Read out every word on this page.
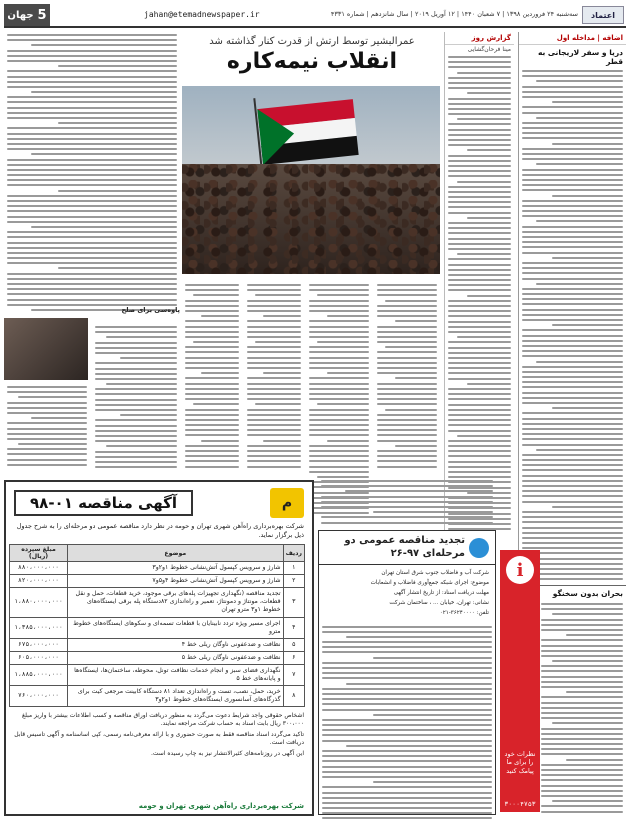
5
جهان	jahan@etemadnewspaper.ir	سه‌شنبه ۲۴ فروردین ۱۳۹۸ | ۷ شعبان ۱۴۴۰ | ۱۲ آوریل ۲۰۱۹ | سال شانزدهم | شماره ۴۳۳۱	اعتماد
اضافه | مداخله اول
دریا و سفر لاریجانی به قطر
بحران بدون سخنگو
گزارش روز
مینا فرحان‌گشایی
عمرالبشیر توسط ارتش از قدرت کنار گذاشته شد
انقلاب نیمه‌کاره
پاوه‌سی برای صلح
م
آگهی مناقصه ۰۱-۹۸
شرکت بهره‌برداری راه‌آهن شهری تهران و حومه در نظر دارد مناقصه عمومی دو مرحله‌ای را به شرح جدول ذیل برگزار نماید.
ردیف	موضوع	مبلغ سپرده (ریال)
۱	شارژ و سرویس کپسول آتش‌نشانی خطوط ۱و۲و۳	۸۸۰،۰۰۰،۰۰۰
۲	شارژ و سرویس کپسول آتش‌نشانی خطوط ۴و۵و۷	۸۲۰،۰۰۰،۰۰۰
۳	تجدید مناقصه (نگهداری تجهیزات پله‌های برقی موجود، خرید قطعات، حمل و نقل قطعات، مونتاژ و دمونتاژ، تعمیر و راه‌اندازی ۸۲دستگاه پله برقی ایستگاه‌های خطوط ۱و۳ مترو تهران	۱،۸۸۰،۰۰۰،۰۰۰
۴	اجرای مسیر ویژه تردد نابینایان با قطعات تسمه‌ای و سکوهای ایستگاه‌های خطوط مترو	۱،۳۸۵،۰۰۰،۰۰۰
۵	نظافت و ضدعفونی ناوگان ریلی خط ۴	۶۷۵،۰۰۰،۰۰۰
۶	نظافت و ضدعفونی ناوگان ریلی خط ۵	۶۰۵،۰۰۰،۰۰۰
۷	نگهداری فضای سبز و انجام خدمات نظافت تونل، محوطه، ساختمان‌ها، ایستگاه‌ها و پایانه‌های خط ۵	۱،۸۸۵،۰۰۰،۰۰۰
۸	خرید، حمل، نصب، تست و راه‌اندازی تعداد ۸۱ دستگاه کابینت مرجعی کیت برای گذرگاه‌های آسانسوری ایستگاه‌های خطوط ۱و۲و۳	۷۶۰،۰۰۰،۰۰۰

اشخاص حقوقی واجد شرایط دعوت می‌گردد به منظور دریافت اوراق مناقصه و کسب اطلاعات بیشتر با واریز مبلغ ۳۰۰،۰۰۰ ریال بابت اسناد به حساب شرکت مراجعه نمایند.

تاکید می‌گردد اسناد مناقصه فقط به صورت حضوری و با ارائه معرفی‌نامه رسمی، کپی اساسنامه و آگهی تاسیس قابل دریافت است.

این آگهی در روزنامه‌های کثیرالانتشار نیز به چاپ رسیده است.

شرکت بهره‌برداری راه‌آهن شهری تهران و حومه
تجدید مناقصه عمومی دو مرحله‌ای ۹۷-۲۶

شرکت آب و فاضلاب جنوب شرق استان تهران

موضوع: اجرای شبکه جمع‌آوری فاضلاب و انشعابات

مهلت دریافت اسناد: از تاریخ انتشار آگهی

نشانی: تهران، خیابان ... ، ساختمان شرکت

تلفن: ۳۶۲۴۰۰۰۰-۰۲۱

i
نظرات خود را برای ما پیامک کنید
۳۰۰۰۴۷۵۳
